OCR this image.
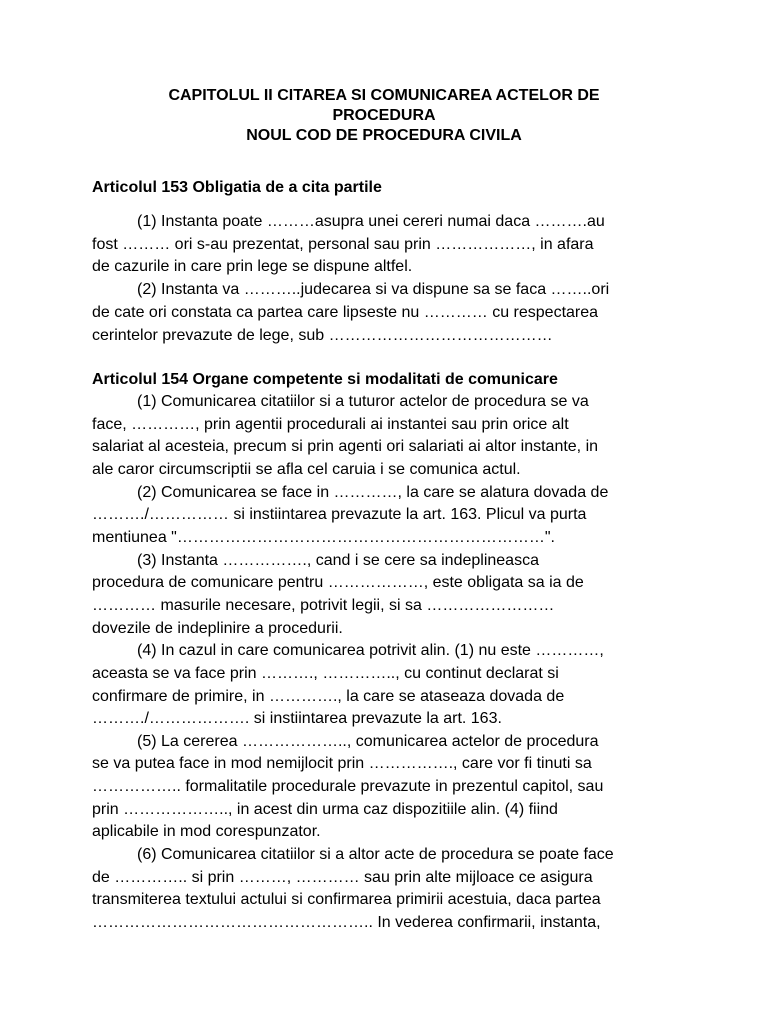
CAPITOLUL II CITAREA SI COMUNICAREA ACTELOR DE
PROCEDURA
NOUL COD DE PROCEDURA CIVILA
Articolul 153 Obligatia de a cita partile
(1) Instanta poate ………asupra unei cereri numai daca ……….au
fost ……… ori s-au prezentat, personal sau prin ………………, in afara
de cazurile in care prin lege se dispune altfel.
(2) Instanta va ………..judecarea si va dispune sa se faca ……..ori
de cate ori constata ca partea care lipseste nu ………… cu respectarea
cerintelor prevazute de lege, sub ……………………………………
Articolul 154 Organe competente si modalitati de comunicare
(1) Comunicarea citatiilor si a tuturor actelor de procedura se va
face, …………, prin agentii procedurali ai instantei sau prin orice alt
salariat al acesteia, precum si prin agenti ori salariati ai altor instante, in
ale caror circumscriptii se afla cel caruia i se comunica actul.
(2) Comunicarea se face in …………, la care se alatura dovada de
………./…………… si instiintarea prevazute la art. 163. Plicul va purta
mentiunea "……………………………………………………………".
(3) Instanta ……………., cand i se cere sa indeplineasca
procedura de comunicare pentru ………………, este obligata sa ia de
………… masurile necesare, potrivit legii, si sa ……………………
dovezile de indeplinire a procedurii.
(4) In cazul in care comunicarea potrivit alin. (1) nu este …………,
aceasta se va face prin ………., ………….., cu continut declarat si
confirmare de primire, in …………., la care se ataseaza dovada de
………./………………. si instiintarea prevazute la art. 163.
(5) La cererea ……………….., comunicarea actelor de procedura
se va putea face in mod nemijlocit prin ……………., care vor fi tinuti sa
…………….. formalitatile procedurale prevazute in prezentul capitol, sau
prin ……………….., in acest din urma caz dispozitiile alin. (4) fiind
aplicabile in mod corespunzator.
(6) Comunicarea citatiilor si a altor acte de procedura se poate face
de ………….. si prin ………, ………… sau prin alte mijloace ce asigura
transmiterea textului actului si confirmarea primirii acestuia, daca partea
…………………………………………….. In vederea confirmarii, instanta,
